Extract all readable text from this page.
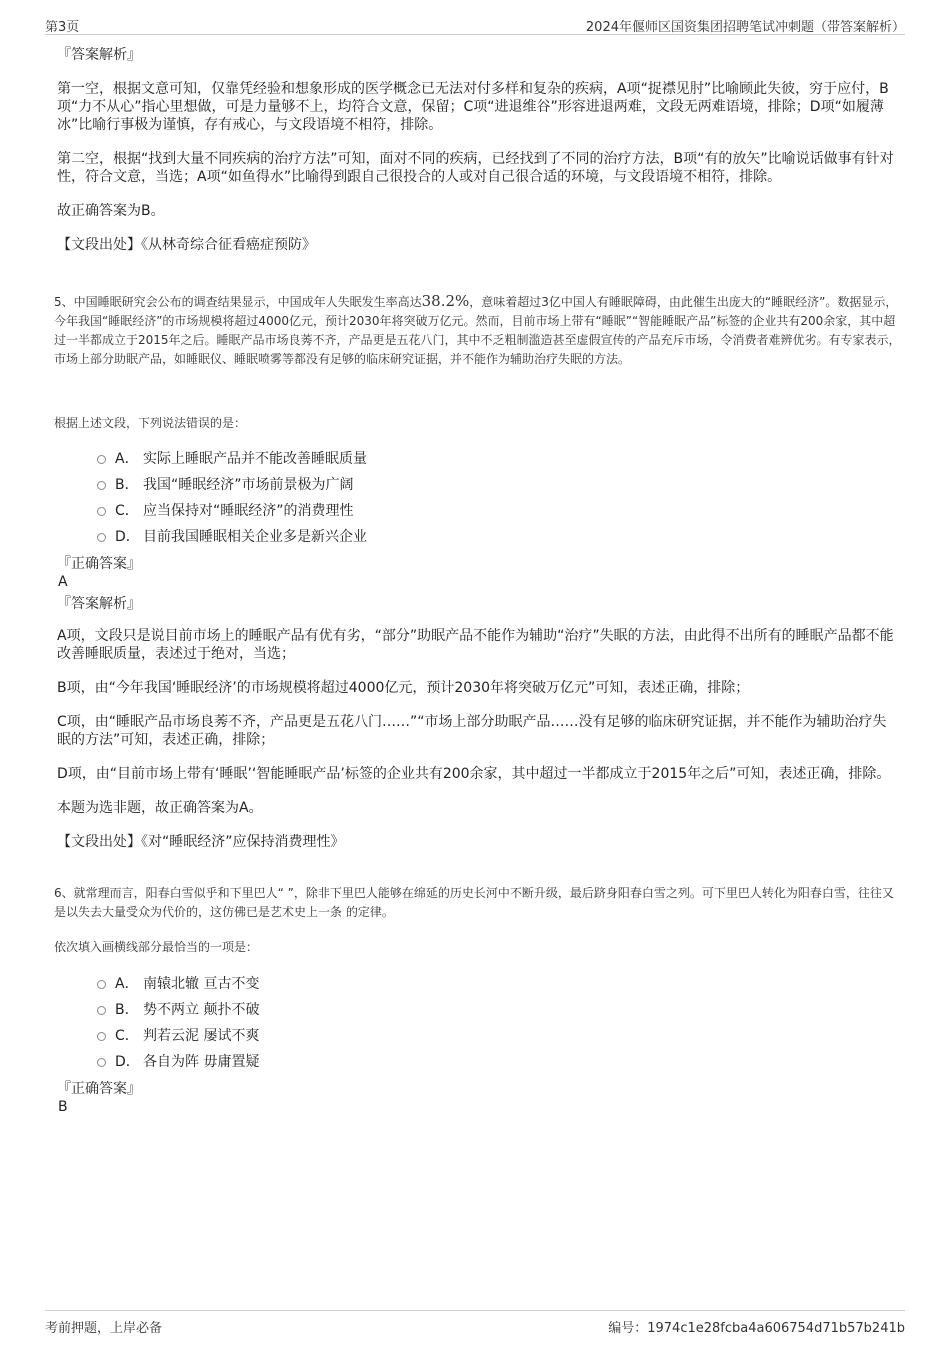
第3页	2024年偃师区国资集团招聘笔试冲刺题（带答案解析）

『答案解析』

第一空，根据文意可知，仅靠凭经验和想象形成的医学概念已无法对付多样和复杂的疾病，A项“捉襟见肘”比喻顾此失彼，穷于应付，B项“力不从心”指心里想做，可是力量够不上，均符合文意，保留；C项“进退维谷”形容进退两难，文段无两难语境，排除；D项“如履薄冰”比喻行事极为谨慎，存有戒心，与文段语境不相符，排除。

第二空，根据“找到大量不同疾病的治疗方法”可知，面对不同的疾病，已经找到了不同的治疗方法，B项“有的放矢”比喻说话做事有针对性，符合文意，当选；A项“如鱼得水”比喻得到跟自己很投合的人或对自己很合适的环境，与文段语境不相符，排除。

故正确答案为B。

【文段出处】《从林奇综合征看癌症预防》

5、中国睡眠研究会公布的调查结果显示，中国成年人失眠发生率高达38.2%，意味着超过3亿中国人有睡眠障碍，由此催生出庞大的“睡眠经济”。数据显示，今年我国“睡眠经济”的市场规模将超过4000亿元，预计2030年将突破万亿元。然而，目前市场上带有“睡眠”“智能睡眠产品”标签的企业共有200余家，其中超过一半都成立于2015年之后。睡眠产品市场良莠不齐，产品更是五花八门，其中不乏粗制滥造甚至虚假宣传的产品充斥市场，令消费者难辨优劣。有专家表示，市场上部分助眠产品，如睡眠仪、睡眠喷雾等都没有足够的临床研究证据，并不能作为辅助治疗失眠的方法。

根据上述文段，下列说法错误的是：

A． 实际上睡眠产品并不能改善睡眠质量
B． 我国“睡眠经济”市场前景极为广阔
C． 应当保持对“睡眠经济”的消费理性
D． 目前我国睡眠相关企业多是新兴企业

『正确答案』

A

『答案解析』

A项，文段只是说目前市场上的睡眠产品有优有劣，“部分”助眠产品不能作为辅助“治疗”失眠的方法，由此得不出所有的睡眠产品都不能改善睡眠质量，表述过于绝对，当选；

B项，由“今年我国‘睡眠经济’的市场规模将超过4000亿元，预计2030年将突破万亿元”可知，表述正确，排除；

C项，由“睡眠产品市场良莠不齐，产品更是五花八门……”“市场上部分助眠产品……没有足够的临床研究证据，并不能作为辅助治疗失眠的方法”可知，表述正确，排除；

D项，由“目前市场上带有‘睡眠’‘智能睡眠产品’标签的企业共有200余家，其中超过一半都成立于2015年之后”可知，表述正确，排除。

本题为选非题，故正确答案为A。

【文段出处】《对“睡眠经济”应保持消费理性》

6、就常理而言，阳春白雪似乎和下里巴人“ ”，除非下里巴人能够在绵延的历史长河中不断升级，最后跻身阳春白雪之列。可下里巴人转化为阳春白雪，往往又是以失去大量受众为代价的，这仿佛已是艺术史上一条 的定律。

依次填入画横线部分最恰当的一项是：

A． 南辕北辙 亘古不变
B． 势不两立 颠扑不破
C． 判若云泥 屡试不爽
D． 各自为阵 毋庸置疑

『正确答案』

B

考前押题，上岸必备	编号：1974c1e28fcba4a606754d71b57b241b
